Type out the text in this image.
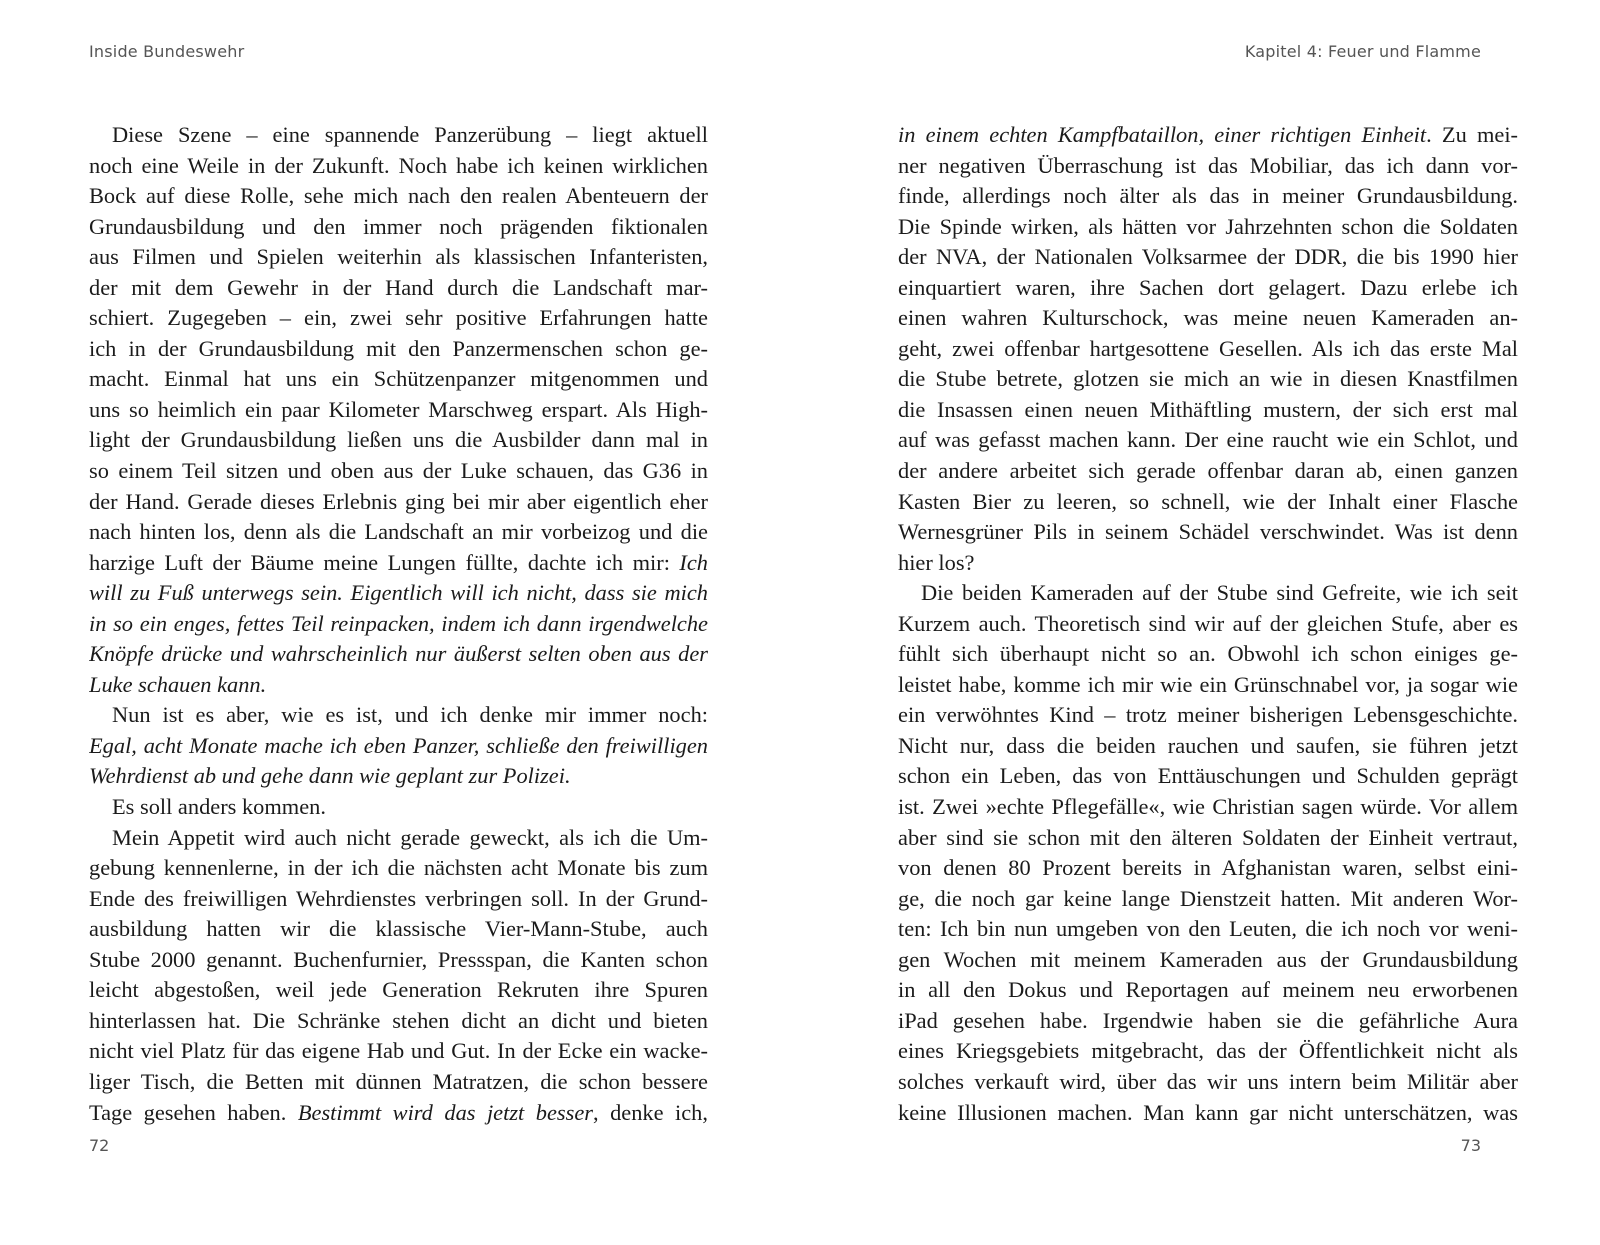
Inside Bundeswehr
Diese Szene – eine spannende Panzerübung – liegt aktuell
noch eine Weile in der Zukunft. Noch habe ich keinen wirklichen
Bock auf diese Rolle, sehe mich nach den realen Abenteuern der
Grundausbildung und den immer noch prägenden fiktionalen
aus Filmen und Spielen weiterhin als klassischen Infanteristen,
der mit dem Gewehr in der Hand durch die Landschaft mar-
schiert. Zugegeben – ein, zwei sehr positive Erfahrungen hatte
ich in der Grundausbildung mit den Panzermenschen schon ge-
macht. Einmal hat uns ein Schützenpanzer mitgenommen und
uns so heimlich ein paar Kilometer Marschweg erspart. Als High-
light der Grundausbildung ließen uns die Ausbilder dann mal in
so einem Teil sitzen und oben aus der Luke schauen, das G36 in
der Hand. Gerade dieses Erlebnis ging bei mir aber eigentlich eher
nach hinten los, denn als die Landschaft an mir vorbeizog und die
harzige Luft der Bäume meine Lungen füllte, dachte ich mir: Ich
will zu Fuß unterwegs sein. Eigentlich will ich nicht, dass sie mich
in so ein enges, fettes Teil reinpacken, indem ich dann irgendwelche
Knöpfe drücke und wahrscheinlich nur äußerst selten oben aus der
Luke schauen kann.
Nun ist es aber, wie es ist, und ich denke mir immer noch:
Egal, acht Monate mache ich eben Panzer, schließe den freiwilligen
Wehrdienst ab und gehe dann wie geplant zur Polizei.
Es soll anders kommen.
Mein Appetit wird auch nicht gerade geweckt, als ich die Um-
gebung kennenlerne, in der ich die nächsten acht Monate bis zum
Ende des freiwilligen Wehrdienstes verbringen soll. In der Grund-
ausbildung hatten wir die klassische Vier-Mann-Stube, auch
Stube 2000 genannt. Buchenfurnier, Pressspan, die Kanten schon
leicht abgestoßen, weil jede Generation Rekruten ihre Spuren
hinterlassen hat. Die Schränke stehen dicht an dicht und bieten
nicht viel Platz für das eigene Hab und Gut. In der Ecke ein wacke-
liger Tisch, die Betten mit dünnen Matratzen, die schon bessere
Tage gesehen haben. Bestimmt wird das jetzt besser, denke ich,
72
Kapitel 4: Feuer und Flamme
in einem echten Kampfbataillon, einer richtigen Einheit. Zu mei-
ner negativen Überraschung ist das Mobiliar, das ich dann vor-
finde, allerdings noch älter als das in meiner Grundausbildung.
Die Spinde wirken, als hätten vor Jahrzehnten schon die Soldaten
der NVA, der Nationalen Volksarmee der DDR, die bis 1990 hier
einquartiert waren, ihre Sachen dort gelagert. Dazu erlebe ich
einen wahren Kulturschock, was meine neuen Kameraden an-
geht, zwei offenbar hartgesottene Gesellen. Als ich das erste Mal
die Stube betrete, glotzen sie mich an wie in diesen Knastfilmen
die Insassen einen neuen Mithäftling mustern, der sich erst mal
auf was gefasst machen kann. Der eine raucht wie ein Schlot, und
der andere arbeitet sich gerade offenbar daran ab, einen ganzen
Kasten Bier zu leeren, so schnell, wie der Inhalt einer Flasche
Wernesgrüner Pils in seinem Schädel verschwindet. Was ist denn
hier los?
Die beiden Kameraden auf der Stube sind Gefreite, wie ich seit
Kurzem auch. Theoretisch sind wir auf der gleichen Stufe, aber es
fühlt sich überhaupt nicht so an. Obwohl ich schon einiges ge-
leistet habe, komme ich mir wie ein Grünschnabel vor, ja sogar wie
ein verwöhntes Kind – trotz meiner bisherigen Lebensgeschichte.
Nicht nur, dass die beiden rauchen und saufen, sie führen jetzt
schon ein Leben, das von Enttäuschungen und Schulden geprägt
ist. Zwei »echte Pflegefälle«, wie Christian sagen würde. Vor allem
aber sind sie schon mit den älteren Soldaten der Einheit vertraut,
von denen 80 Prozent bereits in Afghanistan waren, selbst eini-
ge, die noch gar keine lange Dienstzeit hatten. Mit anderen Wor-
ten: Ich bin nun umgeben von den Leuten, die ich noch vor weni-
gen Wochen mit meinem Kameraden aus der Grundausbildung
in all den Dokus und Reportagen auf meinem neu erworbenen
iPad gesehen habe. Irgendwie haben sie die gefährliche Aura
eines Kriegsgebiets mitgebracht, das der Öffentlichkeit nicht als
solches verkauft wird, über das wir uns intern beim Militär aber
keine Illusionen machen. Man kann gar nicht unterschätzen, was
73
